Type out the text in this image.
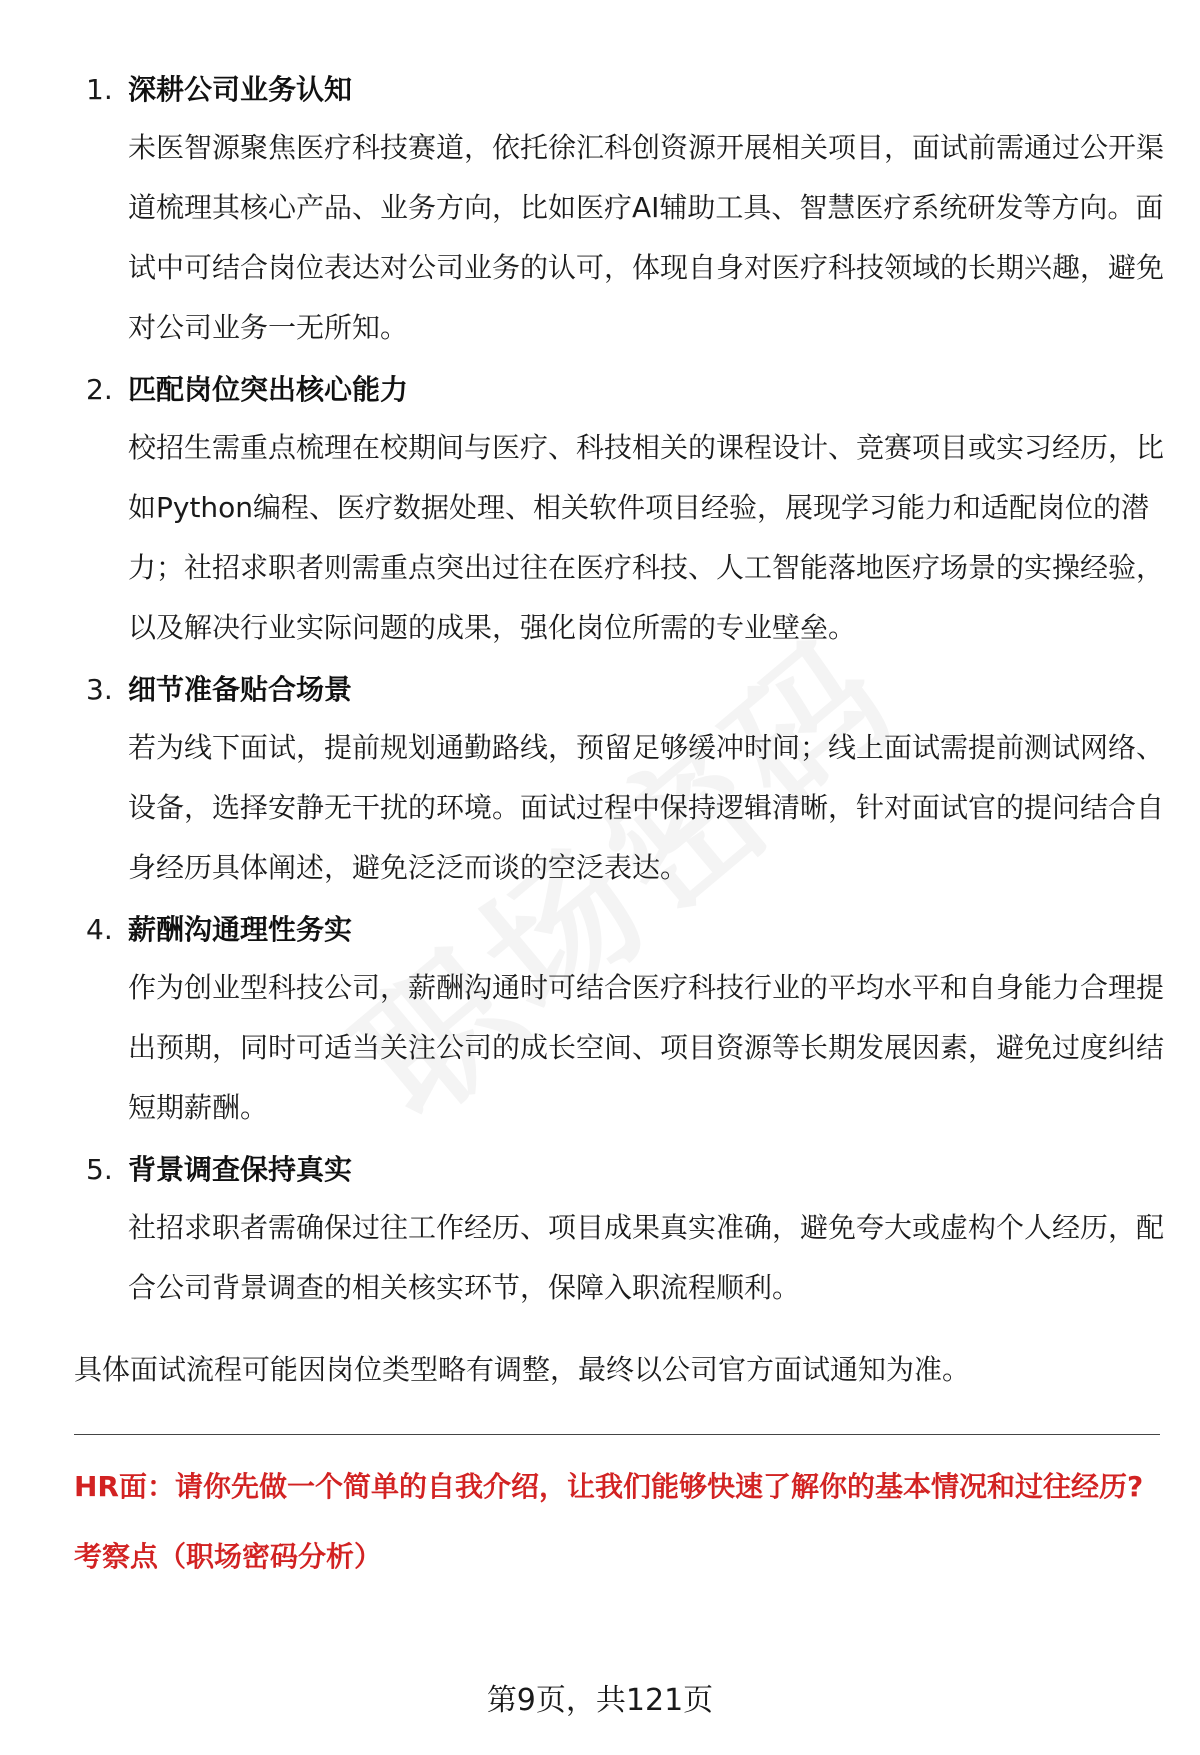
1. 深耕公司业务认知
未医智源聚焦医疗科技赛道，依托徐汇科创资源开展相关项目，面试前需通过公开渠道梳理其核心产品、业务方向，比如医疗AI辅助工具、智慧医疗系统研发等方向。面试中可结合岗位表达对公司业务的认可，体现自身对医疗科技领域的长期兴趣，避免对公司业务一无所知。
2. 匹配岗位突出核心能力
校招生需重点梳理在校期间与医疗、科技相关的课程设计、竞赛项目或实习经历，比如Python编程、医疗数据处理、相关软件项目经验，展现学习能力和适配岗位的潜力；社招求职者则需重点突出过往在医疗科技、人工智能落地医疗场景的实操经验，以及解决行业实际问题的成果，强化岗位所需的专业壁垒。
3. 细节准备贴合场景
若为线下面试，提前规划通勤路线，预留足够缓冲时间；线上面试需提前测试网络、设备，选择安静无干扰的环境。面试过程中保持逻辑清晰，针对面试官的提问结合自身经历具体阐述，避免泛泛而谈的空泛表达。
4. 薪酬沟通理性务实
作为创业型科技公司，薪酬沟通时可结合医疗科技行业的平均水平和自身能力合理提出预期，同时可适当关注公司的成长空间、项目资源等长期发展因素，避免过度纠结短期薪酬。
5. 背景调查保持真实
社招求职者需确保过往工作经历、项目成果真实准确，避免夸大或虚构个人经历，配合公司背景调查的相关核实环节，保障入职流程顺利。
具体面试流程可能因岗位类型略有调整，最终以公司官方面试通知为准。
HR面：请你先做一个简单的自我介绍，让我们能够快速了解你的基本情况和过往经历?
考察点（职场密码分析）
第9页，共121页
